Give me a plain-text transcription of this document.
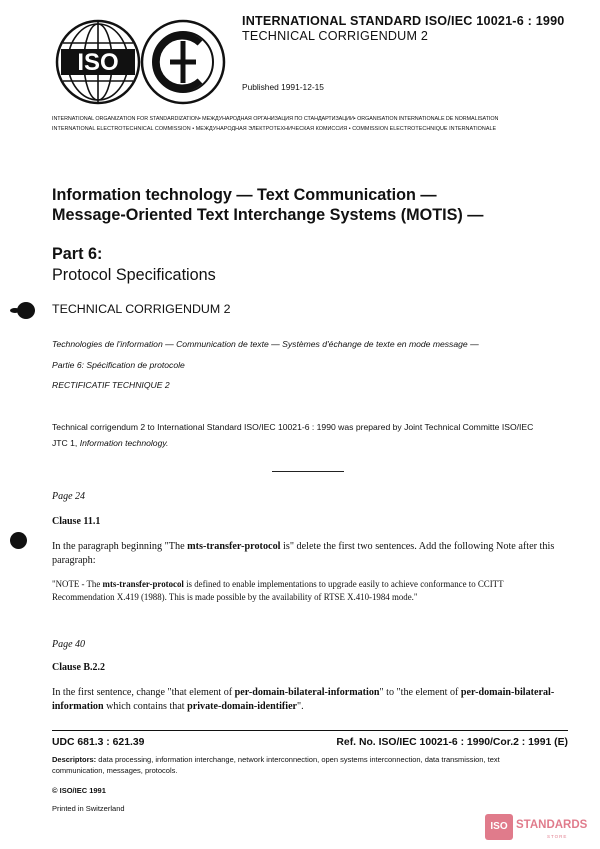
ISO
IEC
INTERNATIONAL STANDARD ISO/IEC 10021-6 : 1990
TECHNICAL CORRIGENDUM 2
Published 1991-12-15
INTERNATIONAL ORGANIZATION FOR STANDARDIZATION• МЕЖДУНАРОДНАЯ ОРГАНИЗАЦИЯ ПО СТАНДАРТИЗАЦИИ• ORGANISATION INTERNATIONALE DE NORMALISATION
INTERNATIONAL ELECTROTECHNICAL COMMISSION • МЕЖДУНАРОДНАЯ ЭЛЕКТРОТЕХНИЧЕСКАЯ КОМИССИЯ • COMMISSION ELECTROTECHNIQUE INTERNATIONALE
Information technology — Text Communication —
Message-Oriented Text Interchange Systems (MOTIS) —
Part 6:
Protocol Specifications
TECHNICAL CORRIGENDUM 2
Technologies de l'information — Communication de texte — Systèmes d'échange de texte en mode message —
Partie 6: Spécification de protocole
RECTIFICATIF TECHNIQUE 2
Technical corrigendum 2 to International Standard ISO/IEC 10021-6 : 1990 was prepared by Joint Technical Committe ISO/IEC
JTC 1, Information technology.
Page 24
Clause 11.1
In the paragraph beginning "The mts-transfer-protocol is" delete the first two sentences. Add the following Note after this
paragraph:
"NOTE - The mts-transfer-protocol is defined to enable implementations to upgrade easily to achieve conformance to CCITT
Recommendation X.419 (1988). This is made possible by the availability of RTSE X.410-1984 mode."
Page 40
Clause B.2.2
In the first sentence, change "that element of per-domain-bilateral-information" to "the element of per-domain-bilateral-
information which contains that private-domain-identifier".
UDC 681.3 : 621.39	Ref. No. ISO/IEC 10021-6 : 1990/Cor.2 : 1991 (E)
Descriptors: data processing, information interchange, network interconnection, open systems interconnection, data transmission, text
communication, messages, protocols.
© ISO/IEC 1991
Printed in Switzerland
ISO STANDARDS
STORE
